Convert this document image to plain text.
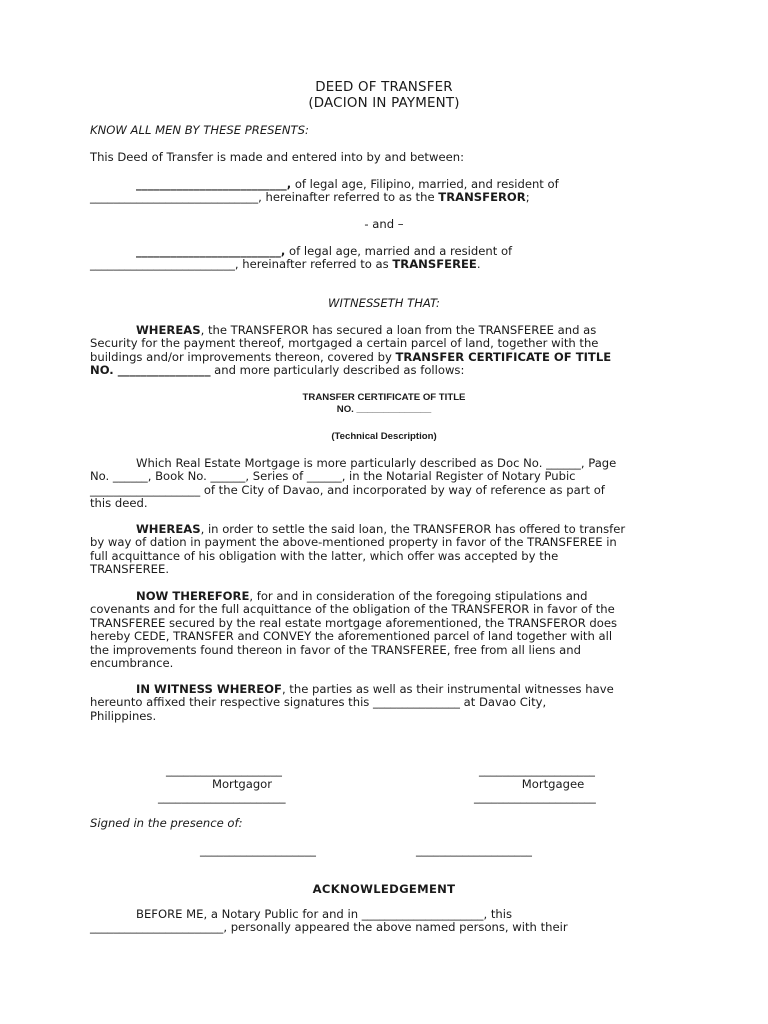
DEED OF TRANSFER
(DACION IN PAYMENT)
KNOW ALL MEN BY THESE PRESENTS:
This Deed of Transfer is made and entered into by and between:

__________________________, of legal age, Filipino, married, and resident of

_____________________________, hereinafter referred to as the TRANSFEROR;

- and –

_________________________, of legal age, married and a resident of

_________________________, hereinafter referred to as TRANSFEREE.

WITNESSETH THAT:

WHEREAS, the TRANSFEROR has secured a loan from the TRANSFEREE and as

Security for the payment thereof, mortgaged a certain parcel of land, together with the

buildings and/or improvements thereon, covered by TRANSFER CERTIFICATE OF TITLE

NO. ________________ and more particularly described as follows:

TRANSFER CERTIFICATE OF TITLE
NO. ______________
(Technical Description)

Which Real Estate Mortgage is more particularly described as Doc No. ______, Page

No. ______, Book No. ______, Series of ______, in the Notarial Register of Notary Pubic

___________________ of the City of Davao, and incorporated by way of reference as part of

this deed.

WHEREAS, in order to settle the said loan, the TRANSFEROR has offered to transfer

by way of dation in payment the above-mentioned property in favor of the TRANSFEREE in

full acquittance of his obligation with the latter, which offer was accepted by the

TRANSFEREE.

NOW THEREFORE, for and in consideration of the foregoing stipulations and

covenants and for the full acquittance of the obligation of the TRANSFEROR in favor of the

TRANSFEREE secured by the real estate mortgage aforementioned, the TRANSFEROR does

hereby CEDE, TRANSFER and CONVEY the aforementioned parcel of land together with all

the improvements found thereon in favor of the TRANSFEREE, free from all liens and

encumbrance.

IN WITNESS WHEREOF, the parties as well as their instrumental witnesses have

hereunto affixed their respective signatures this _______________ at Davao City,

Philippines.

____________________
Mortgagor
______________________
____________________
Mortgagee
_____________________
Signed in the presence of:
____________________	____________________
ACKNOWLEDGEMENT

BEFORE ME, a Notary Public for and in _____________________, this

_______________________, personally appeared the above named persons, with their
